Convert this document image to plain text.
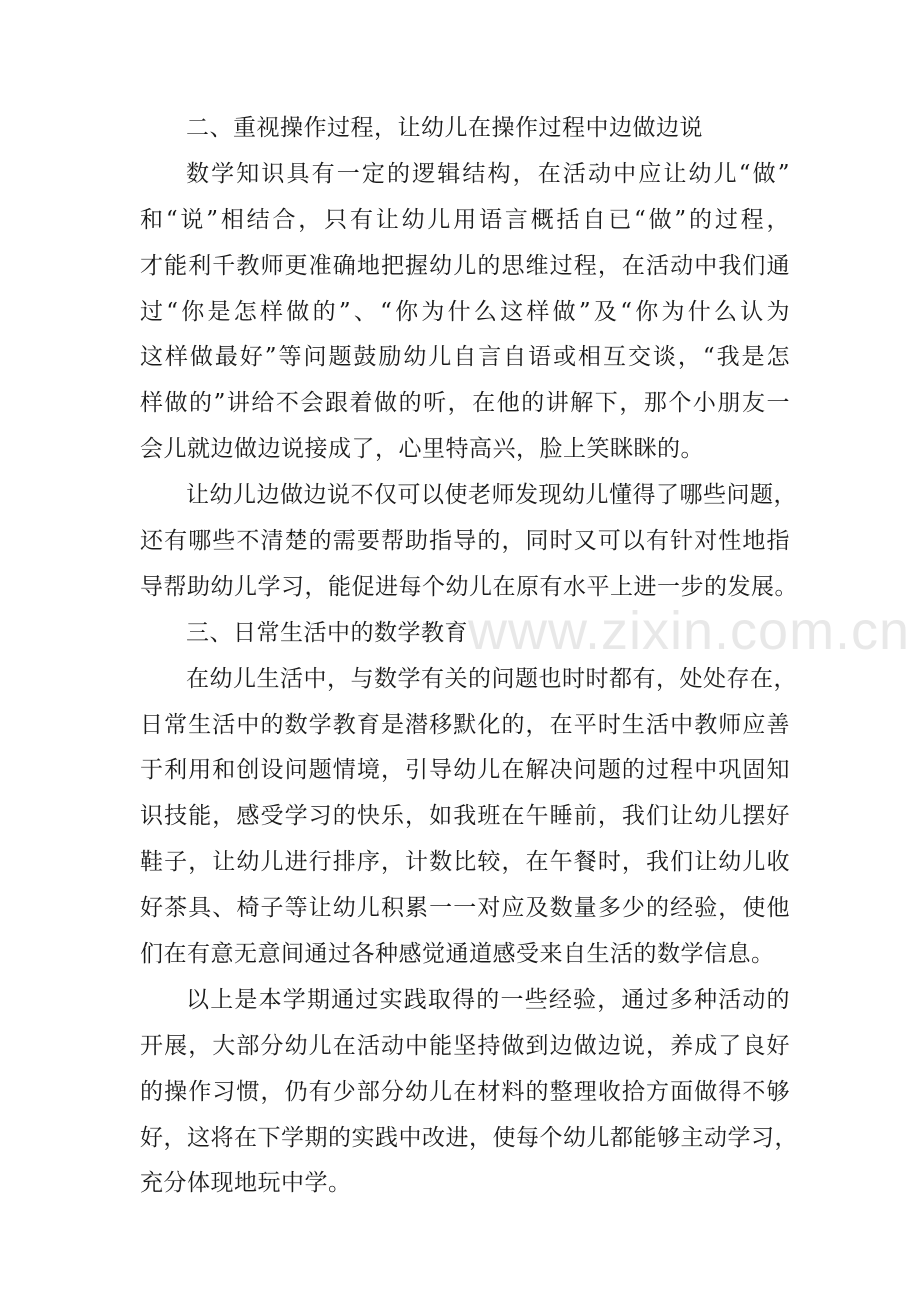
二、重视操作过程，让幼儿在操作过程中边做边说
数学知识具有一定的逻辑结构，在活动中应让幼儿“做”
和“说”相结合，只有让幼儿用语言概括自已“做”的过程，
才能利千教师更准确地把握幼儿的思维过程，在活动中我们通
过“你是怎样做的”、“你为什么这样做”及“你为什么认为
这样做最好”等问题鼓励幼儿自言自语或相互交谈，“我是怎
样做的”讲给不会跟着做的听，在他的讲解下，那个小朋友一
会儿就边做边说接成了，心里特高兴，脸上笑眯眯的。
让幼儿边做边说不仅可以使老师发现幼儿懂得了哪些问题，
还有哪些不清楚的需要帮助指导的，同时又可以有针对性地指
导帮助幼儿学习，能促进每个幼儿在原有水平上进一步的发展。
三、日常生活中的数学教育
在幼儿生活中，与数学有关的问题也时时都有，处处存在，
日常生活中的数学教育是潜移默化的，在平时生活中教师应善
于利用和创设问题情境，引导幼儿在解决问题的过程中巩固知
识技能，感受学习的快乐，如我班在午睡前，我们让幼儿摆好
鞋子，让幼儿进行排序，计数比较，在午餐时，我们让幼儿收
好茶具、椅子等让幼儿积累一一对应及数量多少的经验，使他
们在有意无意间通过各种感觉通道感受来自生活的数学信息。
以上是本学期通过实践取得的一些经验，通过多种活动的
开展，大部分幼儿在活动中能坚持做到边做边说，养成了良好
的操作习惯，仍有少部分幼儿在材料的整理收拾方面做得不够
好，这将在下学期的实践中改进，使每个幼儿都能够主动学习，
充分体现地玩中学。
www.zixin.com.cn
